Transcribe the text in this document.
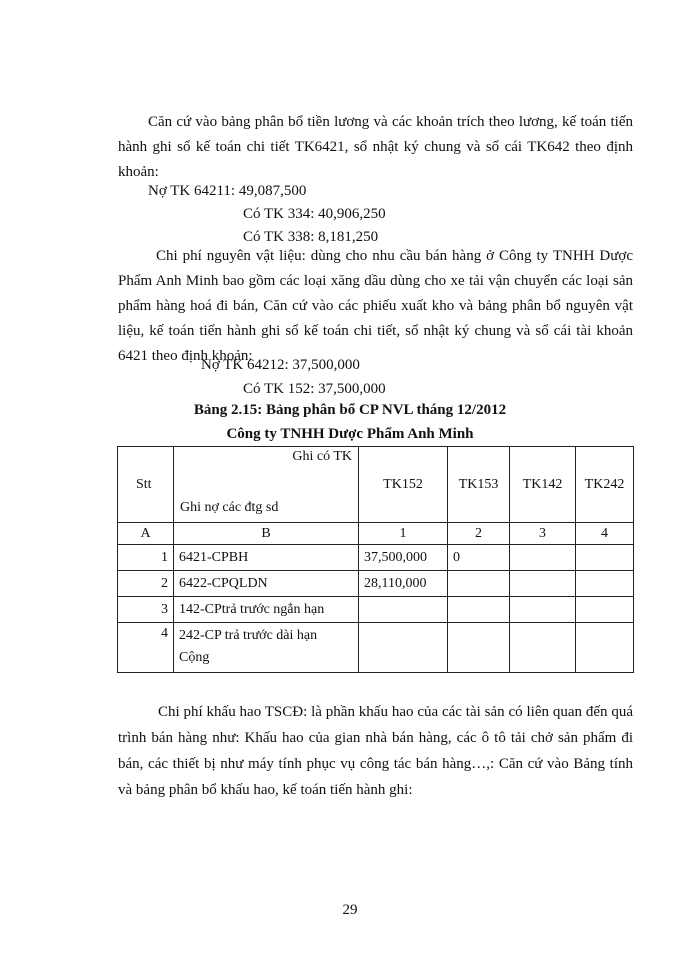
Căn cứ vào bảng phân bổ tiền lương và các khoản trích theo lương, kế toán tiến hành ghi sổ kế toán chi tiết TK6421, sổ nhật ký chung và sổ cái TK642 theo định khoản:

Nợ TK 64211: 49,087,500
Có TK 334: 40,906,250
Có TK 338: 8,181,250

Chi phí nguyên vật liệu: dùng cho nhu cầu bán hàng ở Công ty TNHH Dược Phẩm Anh Minh bao gồm các loại xăng dầu dùng cho xe tải vận chuyển các loại sản phẩm hàng hoá đi bán, Căn cứ vào các phiếu xuất kho và bảng phân bổ nguyên vật liệu, kế toán tiến hành ghi sổ kế toán chi tiết, sổ nhật ký chung và sổ cái tài khoản 6421 theo định khoản:

Nợ TK 64212: 37,500,000
Có TK 152: 37,500,000
Bảng 2.15: Bảng phân bổ CP NVL tháng 12/2012
Công ty TNHH Dược Phẩm Anh Minh
Stt	Ghi có TK
Ghi nợ các đtg sd	TK152	TK153	TK142	TK242
A	B	1	2	3	4
1	6421-CPBH	37,500,000	0		
2	6422-CPQLDN	28,110,000			
3	142-CPtrả trước ngắn hạn				
4	242-CP trả trước dài hạn
Cộng				

Chi phí khấu hao TSCĐ: là phần khấu hao của các tài sản có liên quan đến quá trình bán hàng như: Khấu hao của gian nhà bán hàng, các ô tô tải chở sản phẩm đi bán, các thiết bị như máy tính phục vụ công tác bán hàng…,: Căn cứ vào Bảng tính và bảng phân bổ khấu hao, kế toán tiến hành ghi:

29
